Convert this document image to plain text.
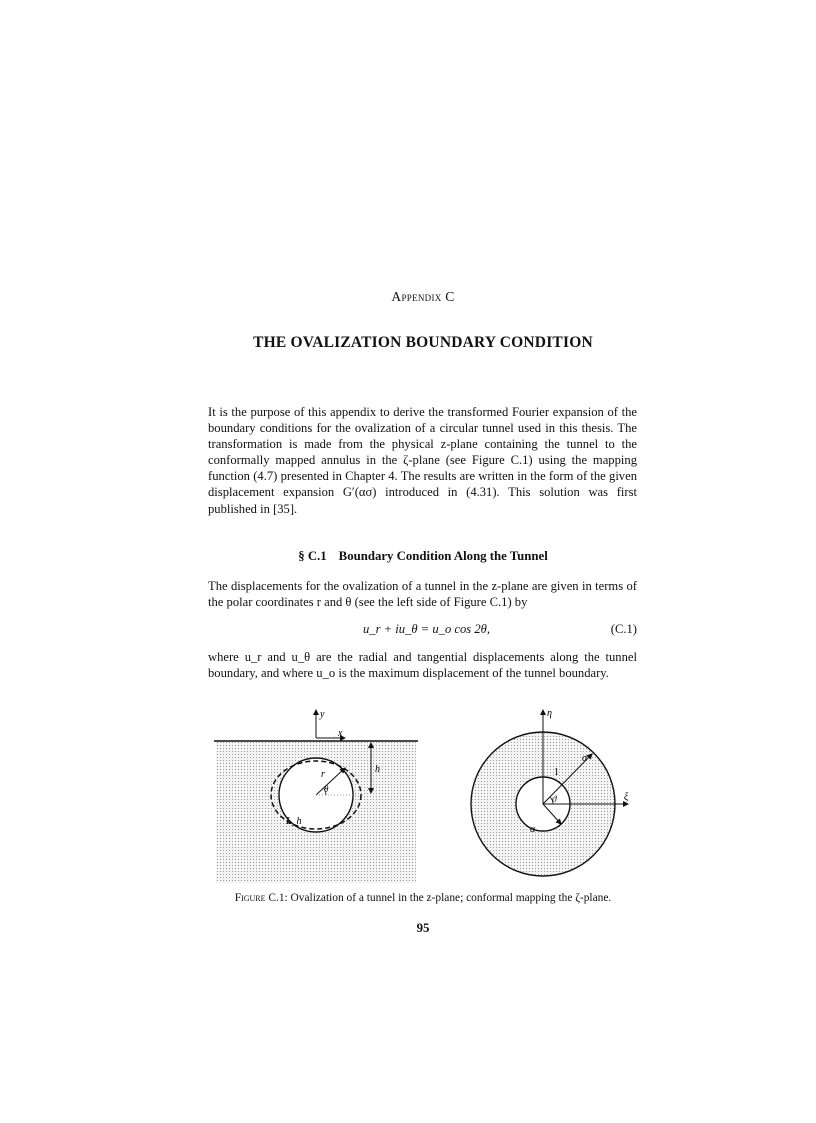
Appendix C
THE OVALIZATION BOUNDARY CONDITION
It is the purpose of this appendix to derive the transformed Fourier expansion of the boundary conditions for the ovalization of a circular tunnel used in this thesis. The transformation is made from the physical z-plane containing the tunnel to the conformally mapped annulus in the ζ-plane (see Figure C.1) using the mapping function (4.7) presented in Chapter 4. The results are written in the form of the given displacement expansion G′(ασ) introduced in (4.31). This solution was first published in [35].
§ C.1 Boundary Condition Along the Tunnel
The displacements for the ovalization of a tunnel in the z-plane are given in terms of the polar coordinates r and θ (see the left side of Figure C.1) by
u_r + iu_θ = u_o cos 2θ,	(C.1)
where u_r and u_θ are the radial and tangential displacements along the tunnel boundary, and where u_o is the maximum displacement of the tunnel boundary.
y
x
r
θ
L_h
h
η
ξ
σ
1
ϑ
α
Figure C.1: Ovalization of a tunnel in the z-plane; conformal mapping the ζ-plane.
95
